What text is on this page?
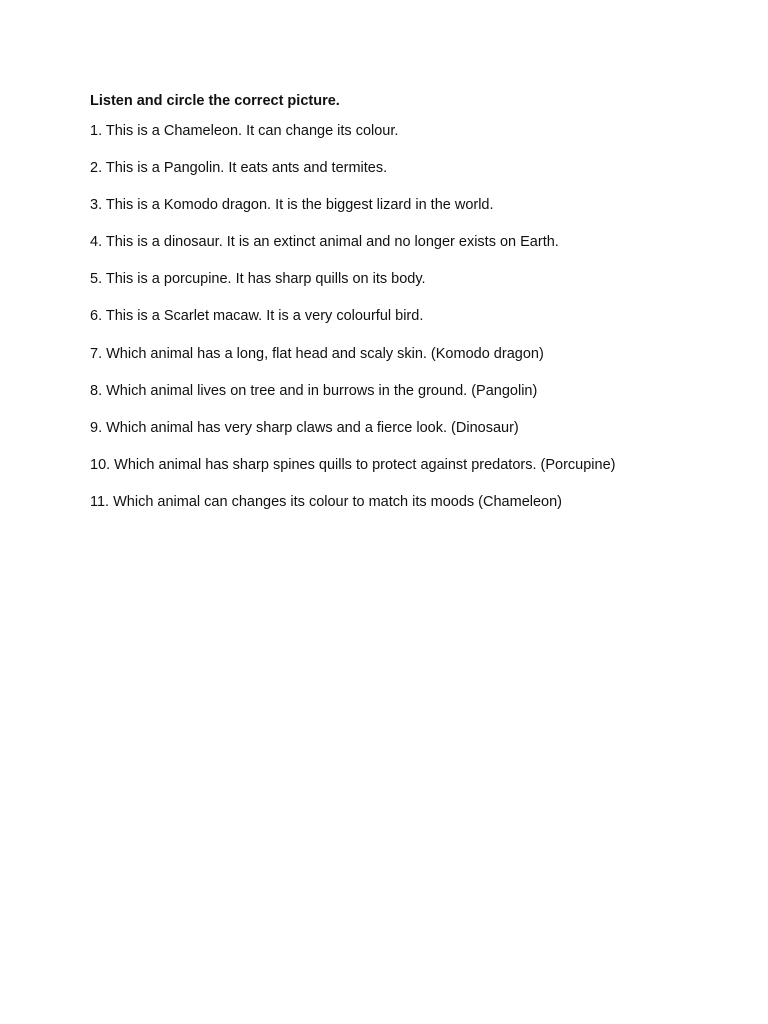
Listen and circle the correct picture.
1. This is a Chameleon. It can change its colour.
2. This is a Pangolin. It eats ants and termites.
3. This is a Komodo dragon. It is the biggest lizard in the world.
4. This is a dinosaur. It is an extinct animal and no longer exists on Earth.
5. This is a porcupine. It has sharp quills on its body.
6. This is a Scarlet macaw. It is a very colourful bird.
7. Which animal has a long, flat head and scaly skin. (Komodo dragon)
8. Which animal lives on tree and in burrows in the ground. (Pangolin)
9. Which animal has very sharp claws and a fierce look. (Dinosaur)
10. Which animal has sharp spines quills to protect against predators. (Porcupine)
11. Which animal can changes its colour to match its moods (Chameleon)
